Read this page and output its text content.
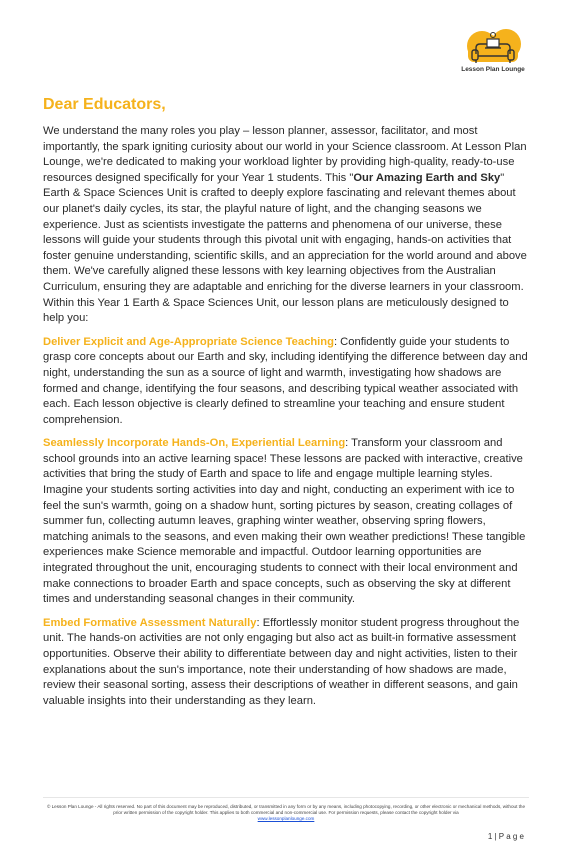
Lesson Plan Lounge
Dear Educators,

We understand the many roles you play – lesson planner, assessor, facilitator, and most importantly, the spark igniting curiosity about our world in your Science classroom. At Lesson Plan Lounge, we're dedicated to making your workload lighter by providing high-quality, ready-to-use resources designed specifically for your Year 1 students. This "Our Amazing Earth and Sky" Earth & Space Sciences Unit is crafted to deeply explore fascinating and relevant themes about our planet's daily cycles, its star, the playful nature of light, and the changing seasons we experience. Just as scientists investigate the patterns and phenomena of our universe, these lessons will guide your students through this pivotal unit with engaging, hands-on activities that foster genuine understanding, scientific skills, and an appreciation for the world around and above them. We've carefully aligned these lessons with key learning objectives from the Australian Curriculum, ensuring they are adaptable and enriching for the diverse learners in your classroom. Within this Year 1 Earth & Space Sciences Unit, our lesson plans are meticulously designed to help you:

Deliver Explicit and Age-Appropriate Science Teaching: Confidently guide your students to grasp core concepts about our Earth and sky, including identifying the difference between day and night, understanding the sun as a source of light and warmth, investigating how shadows are formed and change, identifying the four seasons, and describing typical weather associated with each. Each lesson objective is clearly defined to streamline your teaching and ensure student comprehension.

Seamlessly Incorporate Hands-On, Experiential Learning: Transform your classroom and school grounds into an active learning space! These lessons are packed with interactive, creative activities that bring the study of Earth and space to life and engage multiple learning styles. Imagine your students sorting activities into day and night, conducting an experiment with ice to feel the sun's warmth, going on a shadow hunt, sorting pictures by season, creating collages of summer fun, collecting autumn leaves, graphing winter weather, observing spring flowers, matching animals to the seasons, and even making their own weather predictions! These tangible experiences make Science memorable and impactful. Outdoor learning opportunities are integrated throughout the unit, encouraging students to connect with their local environment and make connections to broader Earth and space concepts, such as observing the sky at different times and understanding seasonal changes in their community.

Embed Formative Assessment Naturally: Effortlessly monitor student progress throughout the unit. The hands-on activities are not only engaging but also act as built-in formative assessment opportunities. Observe their ability to differentiate between day and night activities, listen to their explanations about the sun's importance, note their understanding of how shadows are made, review their seasonal sorting, assess their descriptions of weather in different seasons, and gain valuable insights into their understanding as they learn.

© Lesson Plan Lounge - All rights reserved. No part of this document may be reproduced, distributed, or transmitted in any form or by any means, including photocopying, recording, or other electronic or mechanical methods, without the prior written permission of the copyright holder. This applies to both commercial and non-commercial use. For permission requests, please contact the copyright holder via
www.lessonplanlounge.com
1 | P a g e
